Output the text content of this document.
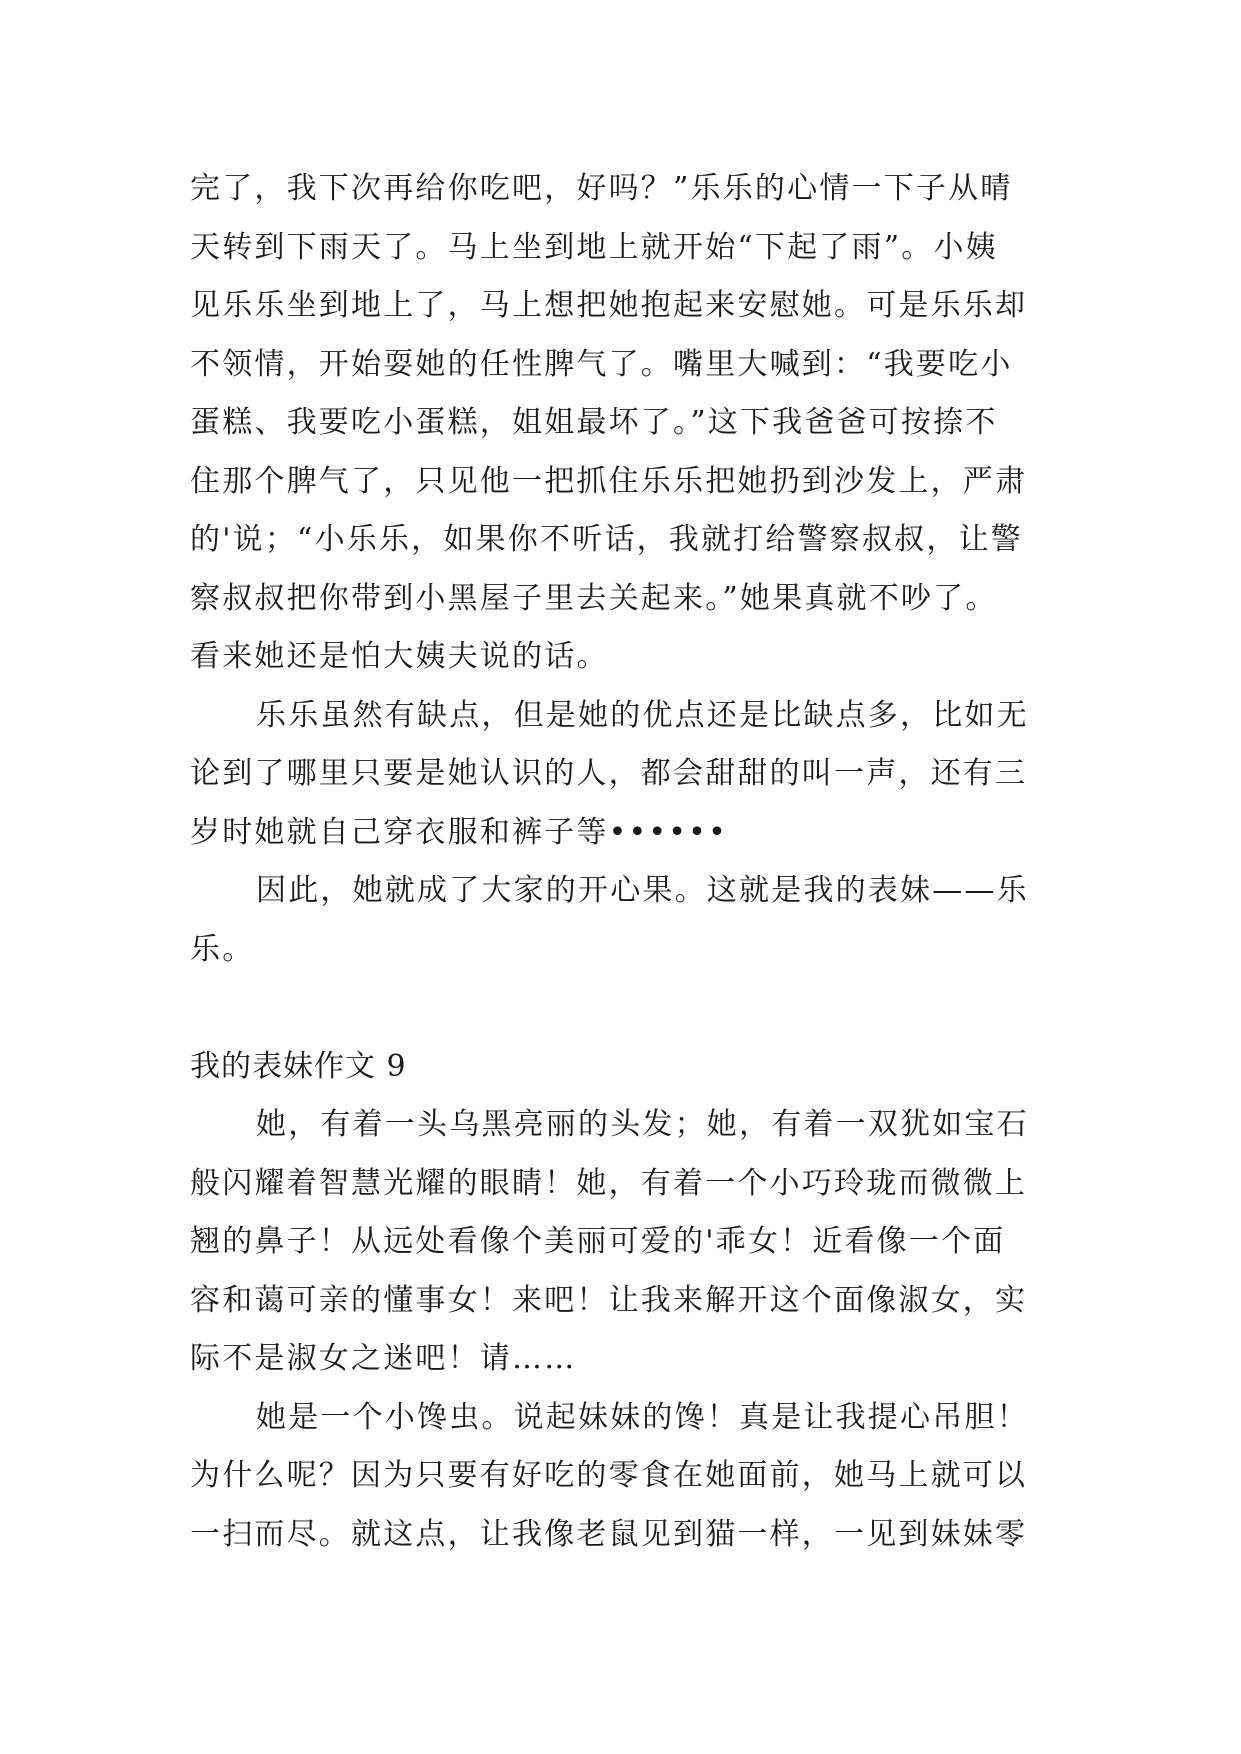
完了，我下次再给你吃吧，好吗？”乐乐的心情一下子从晴
天转到下雨天了。马上坐到地上就开始“下起了雨”。小姨
见乐乐坐到地上了，马上想把她抱起来安慰她。可是乐乐却
不领情，开始耍她的任性脾气了。嘴里大喊到：“我要吃小
蛋糕、我要吃小蛋糕，姐姐最坏了。”这下我爸爸可按捺不
住那个脾气了，只见他一把抓住乐乐把她扔到沙发上，严肃
的'说；“小乐乐，如果你不听话，我就打给警察叔叔，让警
察叔叔把你带到小黑屋子里去关起来。”她果真就不吵了。
看来她还是怕大姨夫说的话。
乐乐虽然有缺点，但是她的优点还是比缺点多，比如无
论到了哪里只要是她认识的人，都会甜甜的叫一声，还有三
岁时她就自己穿衣服和裤子等••••••
因此，她就成了大家的开心果。这就是我的表妹——乐
乐。
我的表妹作文 9
她，有着一头乌黑亮丽的头发；她，有着一双犹如宝石
般闪耀着智慧光耀的眼睛！她，有着一个小巧玲珑而微微上
翘的鼻子！从远处看像个美丽可爱的'乖女！近看像一个面
容和蔼可亲的懂事女！来吧！让我来解开这个面像淑女，实
际不是淑女之迷吧！请……
她是一个小馋虫。说起妹妹的馋！真是让我提心吊胆！
为什么呢？因为只要有好吃的零食在她面前，她马上就可以
一扫而尽。就这点，让我像老鼠见到猫一样，一见到妹妹零
